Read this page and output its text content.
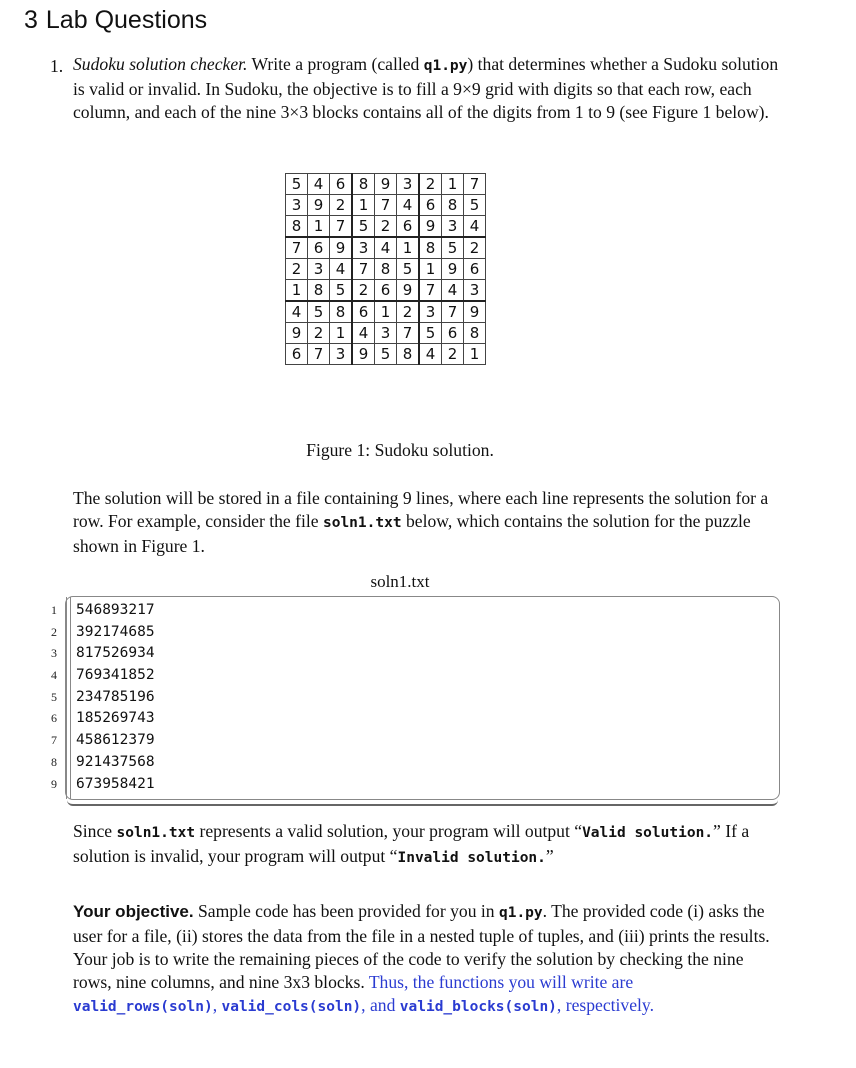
3 Lab Questions
1. Sudoku solution checker. Write a program (called q1.py) that determines whether a Sudoku solution is valid or invalid. In Sudoku, the objective is to fill a 9×9 grid with digits so that each row, each column, and each of the nine 3×3 blocks contains all of the digits from 1 to 9 (see Figure 1 below).

5	4	6	8	9	3	2	1	7
3	9	2	1	7	4	6	8	5
8	1	7	5	2	6	9	3	4
7	6	9	3	4	1	8	5	2
2	3	4	7	8	5	1	9	6
1	8	5	2	6	9	7	4	3
4	5	8	6	1	2	3	7	9
9	2	1	4	3	7	5	6	8
6	7	3	9	5	8	4	2	1
Figure 1: Sudoku solution.

The solution will be stored in a file containing 9 lines, where each line represents the solution for a row. For example, consider the file soln1.txt below, which contains the solution for the puzzle shown in Figure 1.

soln1.txt
1
2
3
4
5
6
7
8
9
546893217
392174685
817526934
769341852
234785196
185269743
458612379
921437568
673958421

Since soln1.txt represents a valid solution, your program will output “Valid solution.” If a solution is invalid, your program will output “Invalid solution.”

Your objective. Sample code has been provided for you in q1.py. The provided code (i) asks the user for a file, (ii) stores the data from the file in a nested tuple of tuples, and (iii) prints the results. Your job is to write the remaining pieces of the code to verify the solution by checking the nine rows, nine columns, and nine 3x3 blocks. Thus, the functions you will write are valid_rows(soln), valid_cols(soln), and valid_blocks(soln), respectively.
